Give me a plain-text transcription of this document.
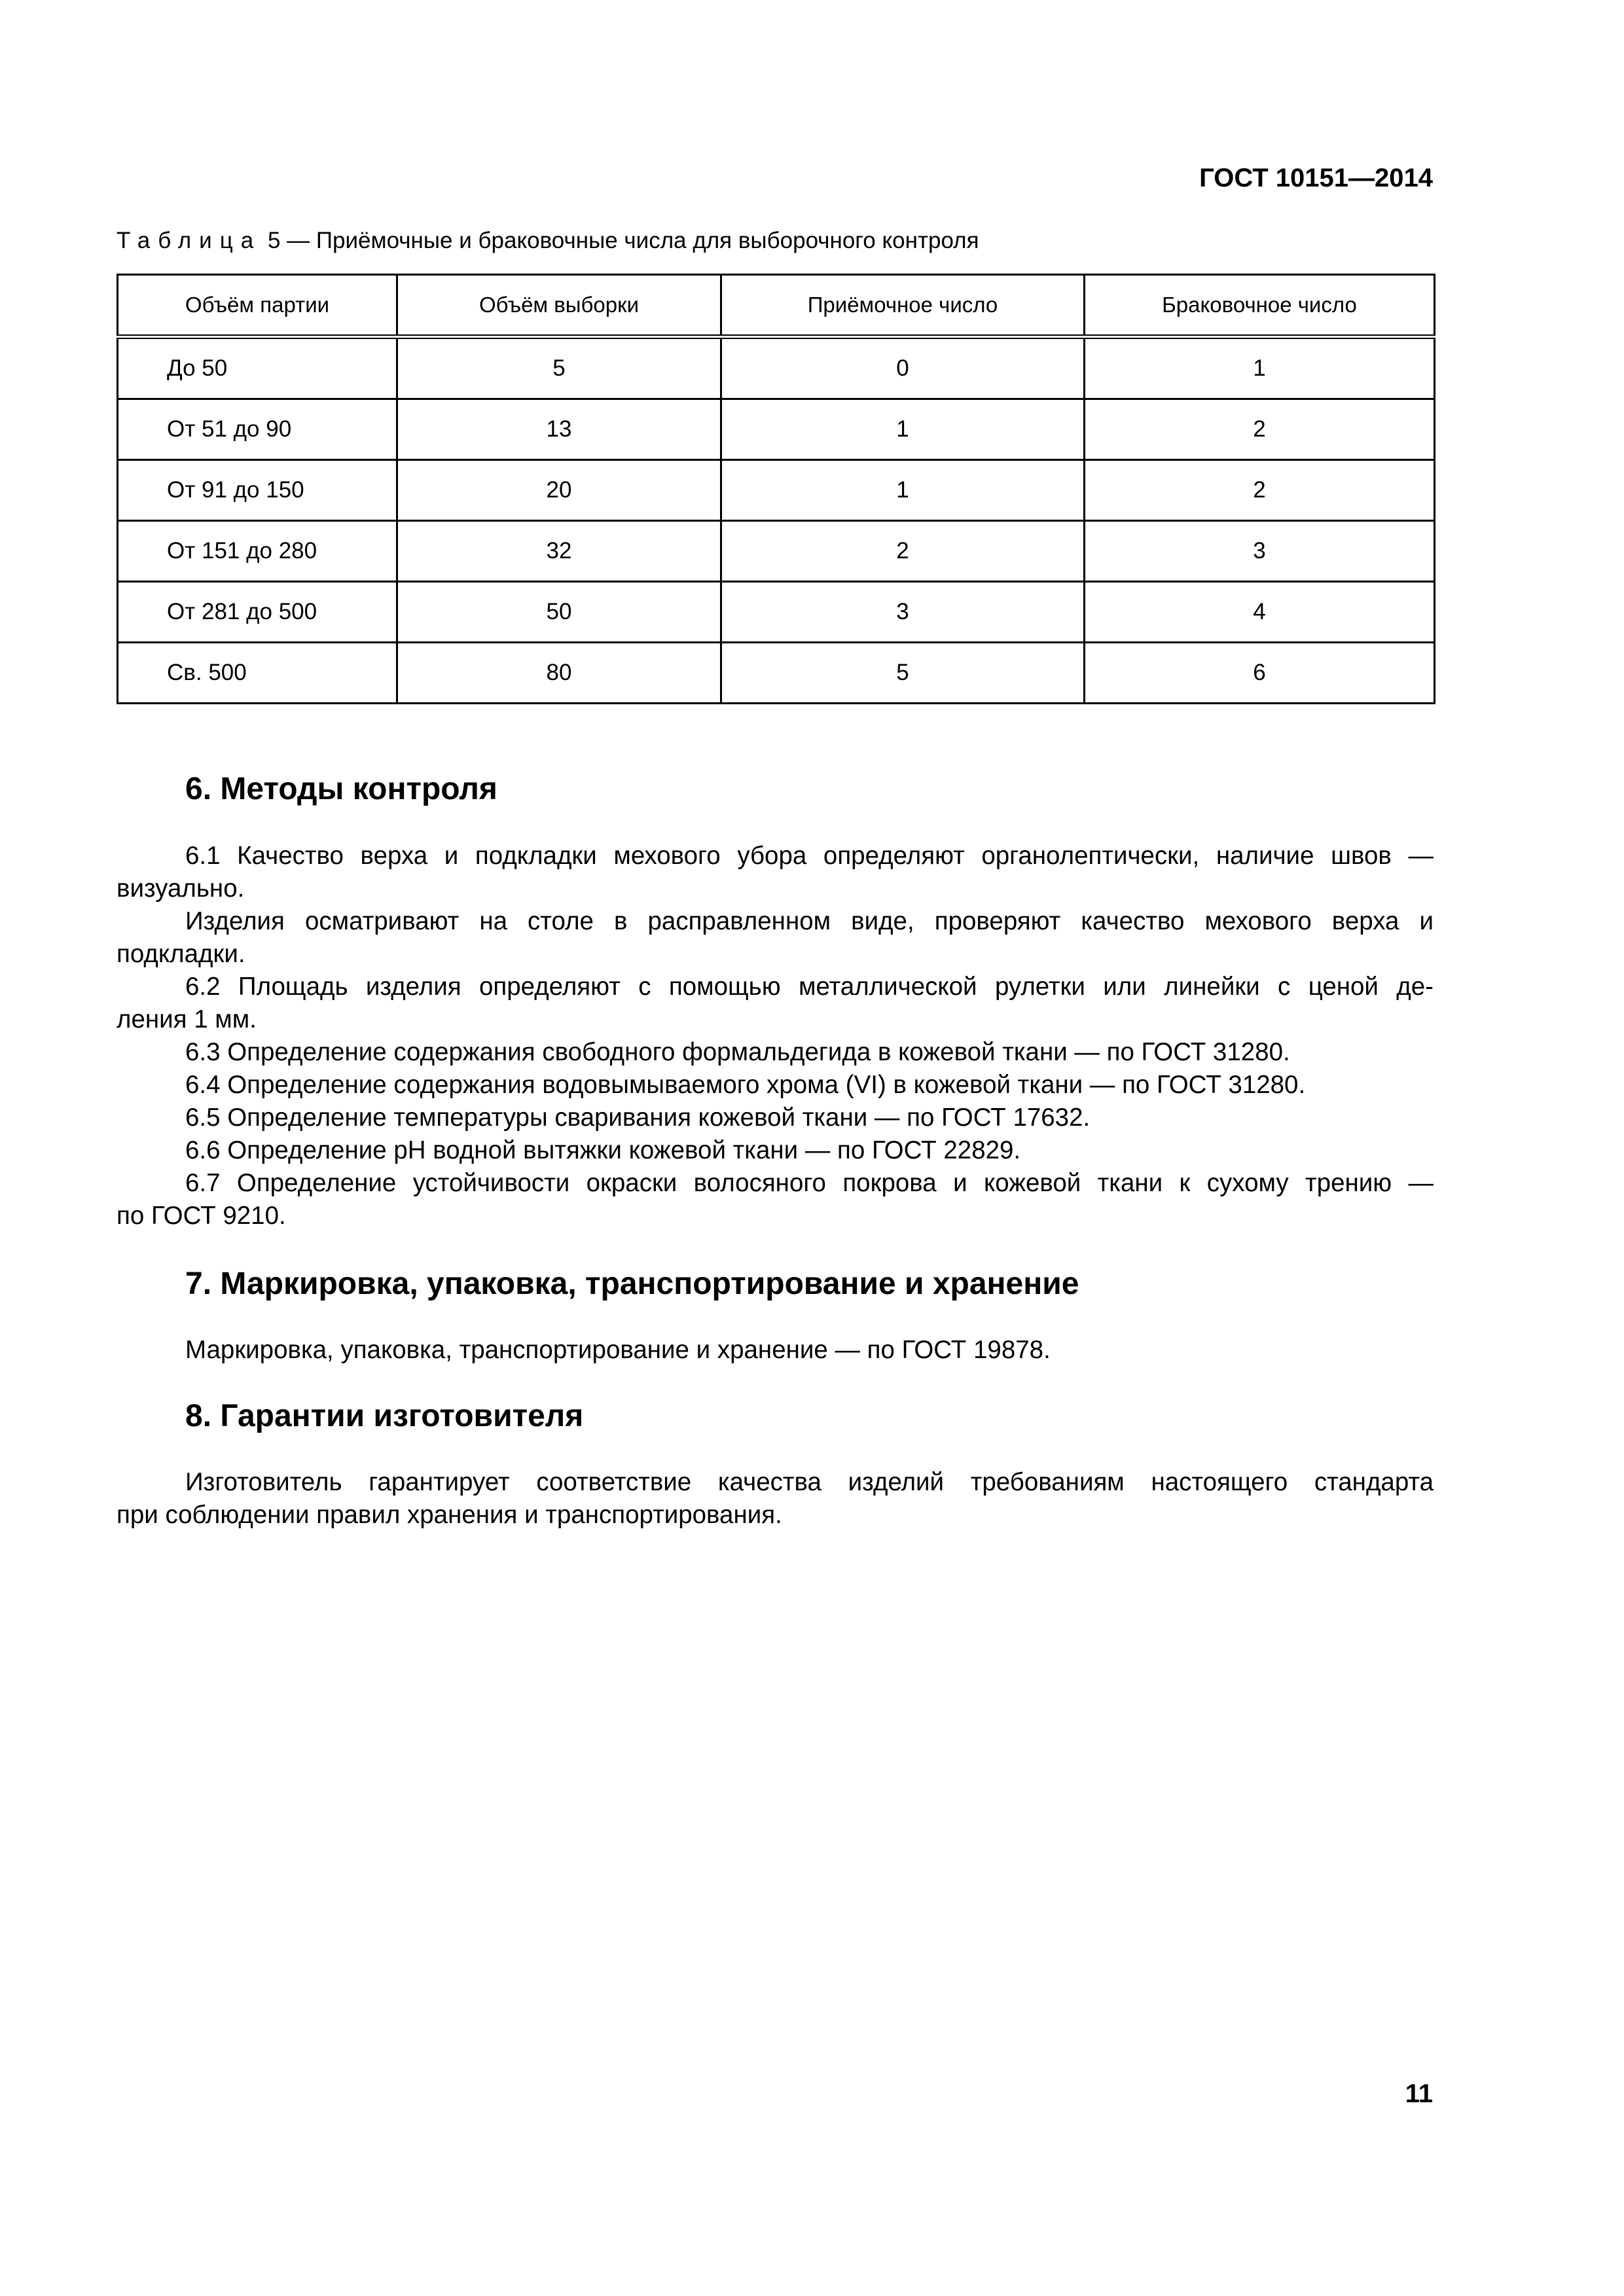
ГОСТ 10151—2014
Таблица 5 — Приёмочные и браковочные числа для выборочного контроля
Объём партии	Объём выборки	Приёмочное число	Браковочное число
До 50	5	0	1
От 51 до 90	13	1	2
От 91 до 150	20	1	2
От 151 до 280	32	2	3
От 281 до 500	50	3	4
Св. 500	80	5	6
6. Методы контроля
6.1 Качество верха и подкладки мехового убора определяют органолептически, наличие швов —
визуально.
Изделия осматривают на столе в расправленном виде, проверяют качество мехового верха и
подкладки.
6.2 Площадь изделия определяют с помощью металлической рулетки или линейки с ценой де-
ления 1 мм.
6.3 Определение содержания свободного формальдегида в кожевой ткани — по ГОСТ 31280.
6.4 Определение содержания водовымываемого хрома (VI) в кожевой ткани — по ГОСТ 31280.
6.5 Определение температуры сваривания кожевой ткани — по ГОСТ 17632.
6.6 Определение pH водной вытяжки кожевой ткани — по ГОСТ 22829.
6.7 Определение устойчивости окраски волосяного покрова и кожевой ткани к сухому трению —
по ГОСТ 9210.
7. Маркировка, упаковка, транспортирование и хранение
Маркировка, упаковка, транспортирование и хранение — по ГОСТ 19878.
8. Гарантии изготовителя
Изготовитель гарантирует соответствие качества изделий требованиям настоящего стандарта
при соблюдении правил хранения и транспортирования.
11
